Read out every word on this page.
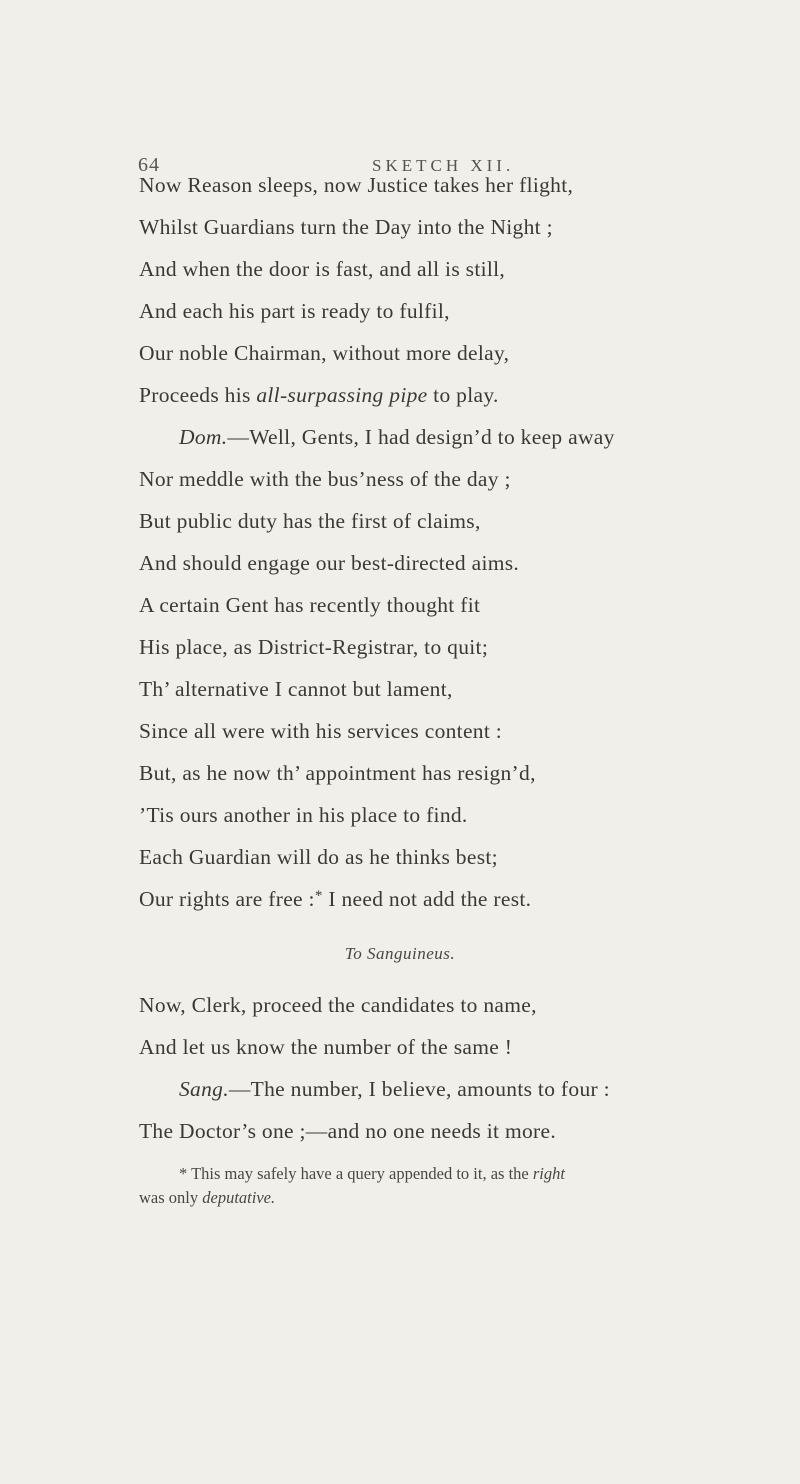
64	SKETCH XII.
Now Reason sleeps, now Justice takes her flight,
Whilst Guardians turn the Day into the Night ;
And when the door is fast, and all is still,
And each his part is ready to fulfil,
Our noble Chairman, without more delay,
Proceeds his all-surpassing pipe to play.
Dom.—Well, Gents, I had design’d to keep away
Nor meddle with the bus’ness of the day ;
But public duty has the first of claims,
And should engage our best-directed aims.
A certain Gent has recently thought fit
His place, as District-Registrar, to quit;
Th’ alternative I cannot but lament,
Since all were with his services content :
But, as he now th’ appointment has resign’d,
’Tis ours another in his place to find.
Each Guardian will do as he thinks best;
Our rights are free :* I need not add the rest.
To Sanguineus.
Now, Clerk, proceed the candidates to name,
And let us know the number of the same !
Sang.—The number, I believe, amounts to four :
The Doctor’s one ;—and no one needs it more.
* This may safely have a query appended to it, as the right
was only deputative.
